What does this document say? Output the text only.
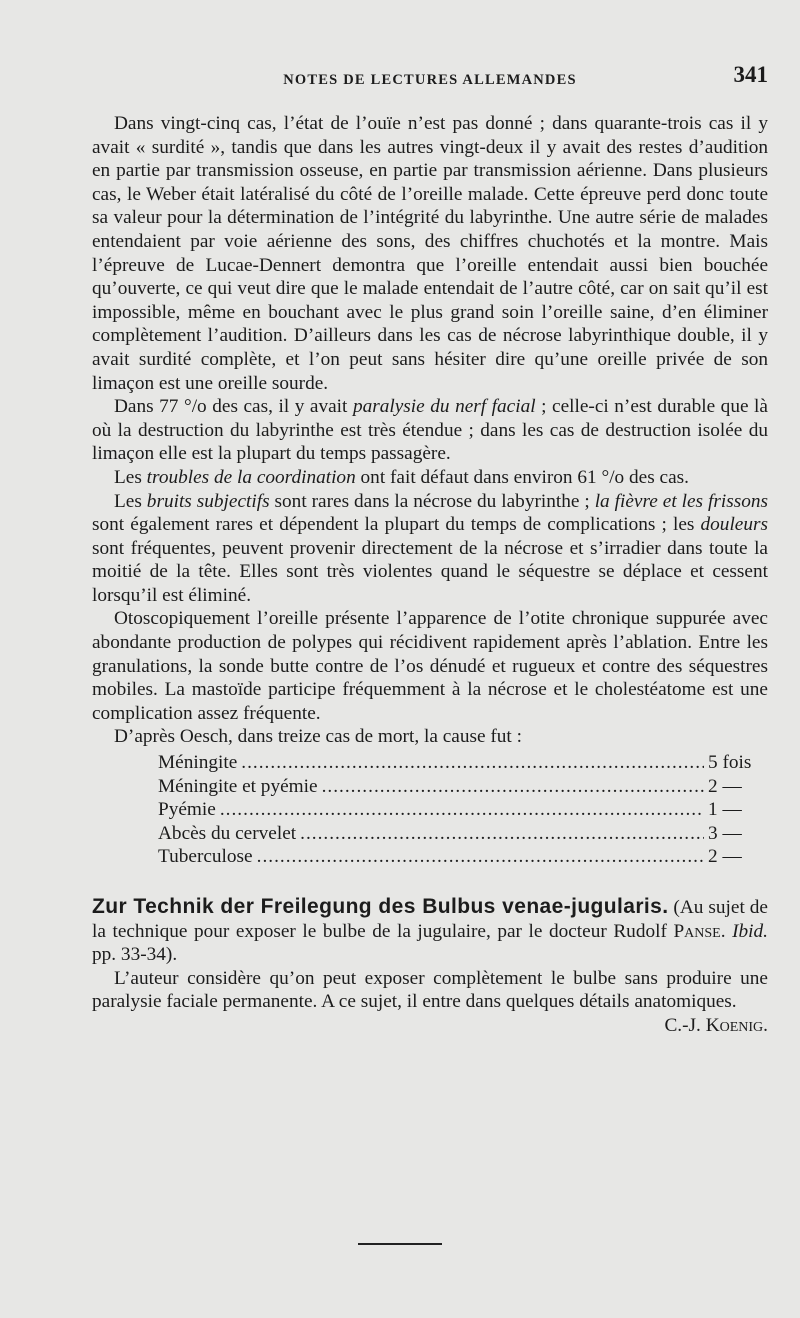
NOTES DE LECTURES ALLEMANDES	341

Dans vingt-cinq cas, l’état de l’ouïe n’est pas donné ; dans quarante-trois cas il y avait « surdité », tandis que dans les autres vingt-deux il y avait des restes d’audition en partie par transmission osseuse, en partie par transmission aérienne. Dans plusieurs cas, le Weber était latéralisé du côté de l’oreille malade. Cette épreuve perd donc toute sa valeur pour la détermination de l’intégrité du labyrinthe. Une autre série de malades entendaient par voie aérienne des sons, des chiffres chuchotés et la montre. Mais l’épreuve de Lucae-Dennert demontra que l’oreille entendait aussi bien bouchée qu’ouverte, ce qui veut dire que le malade entendait de l’autre côté, car on sait qu’il est impossible, même en bouchant avec le plus grand soin l’oreille saine, d’en éliminer complètement l’audition. D’ailleurs dans les cas de nécrose labyrinthique double, il y avait surdité complète, et l’on peut sans hésiter dire qu’une oreille privée de son limaçon est une oreille sourde.

Dans 77 °/o des cas, il y avait paralysie du nerf facial ; celle-ci n’est durable que là où la destruction du labyrinthe est très étendue ; dans les cas de destruction isolée du limaçon elle est la plupart du temps passagère.

Les troubles de la coordination ont fait défaut dans environ 61 °/o des cas.

Les bruits subjectifs sont rares dans la nécrose du labyrinthe ; la fièvre et les frissons sont également rares et dépendent la plupart du temps de complications ; les douleurs sont fréquentes, peuvent provenir directement de la nécrose et s’irradier dans toute la moitié de la tête. Elles sont très violentes quand le séquestre se déplace et cessent lorsqu’il est éliminé.

Otoscopiquement l’oreille présente l’apparence de l’otite chronique suppurée avec abondante production de polypes qui récidivent rapidement après l’ablation. Entre les granulations, la sonde butte contre de l’os dénudé et rugueux et contre des séquestres mobiles. La mastoïde participe fréquemment à la nécrose et le cholestéatome est une complication assez fréquente.

D’après Oesch, dans treize cas de mort, la cause fut :

Méningite .....	5 fois
Méningite et pyémie .....	2 —
Pyémie .....	1 —
Abcès du cervelet .....	3 —
Tuberculose .....	2 —

Zur Technik der Freilegung des Bulbus venae-jugularis. (Au sujet de la technique pour exposer le bulbe de la jugulaire, par le docteur Rudolf Panse. Ibid. pp. 33-34).

L’auteur considère qu’on peut exposer complètement le bulbe sans produire une paralysie faciale permanente. A ce sujet, il entre dans quelques détails anatomiques.
C.-J. Koenig.
